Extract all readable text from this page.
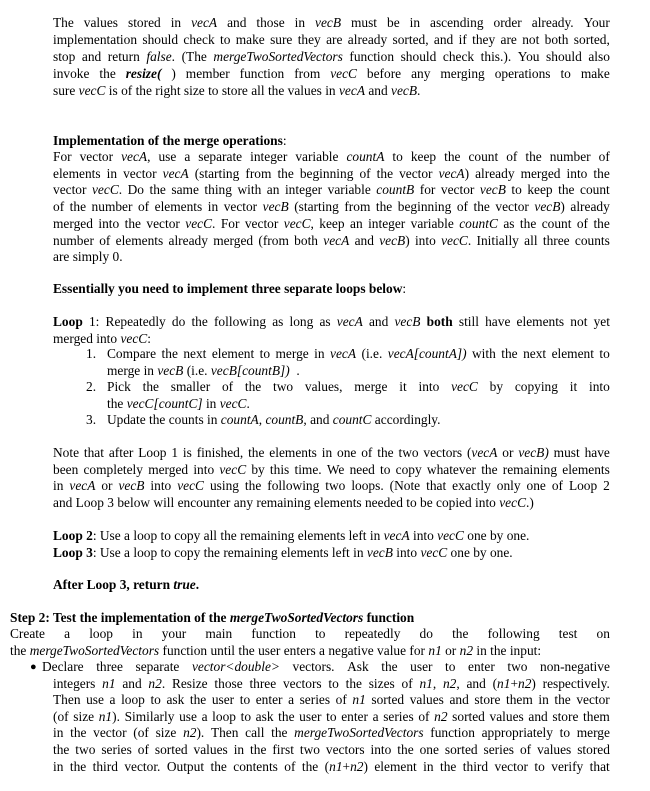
The values stored in vecA and those in vecB must be in ascending order already. Your
implementation should check to make sure they are already sorted, and if they are not both sorted,
stop and return false. (The mergeTwoSortedVectors function should check this.). You should also
invoke the resize( ) member function from vecC before any merging operations to make
sure vecC is of the right size to store all the values in vecA and vecB.
Implementation of the merge operations:
For vector vecA, use a separate integer variable countA to keep the count of the number of
elements in vector vecA (starting from the beginning of the vector vecA) already merged into the
vector vecC. Do the same thing with an integer variable countB for vector vecB to keep the count
of the number of elements in vector vecB (starting from the beginning of the vector vecB) already
merged into the vector vecC. For vector vecC, keep an integer variable countC as the count of the
number of elements already merged (from both vecA and vecB) into vecC. Initially all three counts
are simply 0.
Essentially you need to implement three separate loops below:
Loop 1: Repeatedly do the following as long as vecA and vecB both still have elements not yet
merged into vecC:
1. Compare the next element to merge in vecA (i.e. vecA[countA]) with the next element to
merge in vecB (i.e. vecB[countB])  .
2. Pick the smaller of the two values, merge it into vecC by copying it into
the vecC[countC] in vecC.
3. Update the counts in countA, countB, and countC accordingly.
Note that after Loop 1 is finished, the elements in one of the two vectors (vecA or vecB) must have
been completely merged into vecC by this time. We need to copy whatever the remaining elements
in vecA or vecB into vecC using the following two loops. (Note that exactly only one of Loop 2
and Loop 3 below will encounter any remaining elements needed to be copied into vecC.)
Loop 2: Use a loop to copy all the remaining elements left in vecA into vecC one by one.
Loop 3: Use a loop to copy the remaining elements left in vecB into vecC one by one.
After Loop 3, return true.
Step 2: Test the implementation of the mergeTwoSortedVectors function
Create a loop in your main function to repeatedly do the following test on
the mergeTwoSortedVectors function until the user enters a negative value for n1 or n2 in the input:
● Declare three separate vector<double> vectors. Ask the user to enter two non-negative
integers n1 and n2. Resize those three vectors to the sizes of n1, n2, and (n1+n2) respectively.
Then use a loop to ask the user to enter a series of n1 sorted values and store them in the vector
(of size n1). Similarly use a loop to ask the user to enter a series of n2 sorted values and store them
in the vector (of size n2). Then call the mergeTwoSortedVectors function appropriately to merge
the two series of sorted values in the first two vectors into the one sorted series of values stored
in the third vector. Output the contents of the (n1+n2) element in the third vector to verify that
